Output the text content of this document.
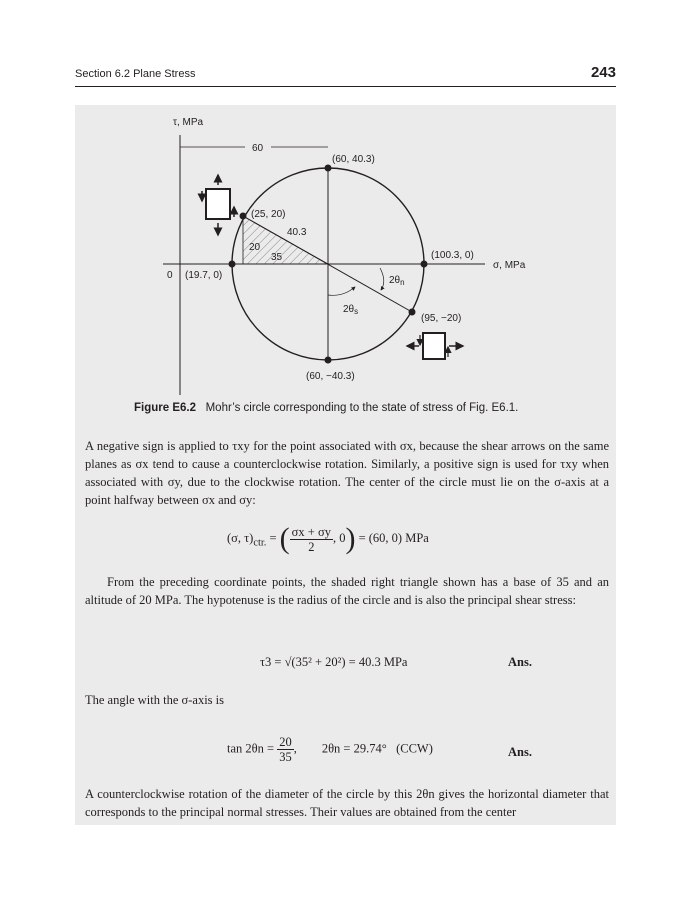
Section 6.2 Plane Stress	243
τ, MPa
σ, MPa
0
60
(60, 40.3)
(60, −40.3)
(19.7, 0)
(100.3, 0)
(25, 20)
(95, −20)
40.3
20
35
$2\theta_n$
$2\theta_s$
Figure E6.2 Mohr’s circle corresponding to the state of stress of Fig. E6.1.
A negative sign is applied to τxy for the point associated with σx, because the shear arrows on the same planes as σx tend to cause a counterclockwise rotation. Similarly, a positive sign is used for τxy when associated with σy, due to the clockwise rotation. The center of the circle must lie on the σ-axis at a point halfway between σx and σy:
(σ, $\tau)_{ctr.}$ = ( $\frac{\sigma x + \sigma y}{2}$ , 0) = (60, 0) MPa
From the preceding coordinate points, the shaded right triangle shown has a base of 35 and an altitude of 20 MPa. The hypotenuse is the radius of the circle and is also the principal shear stress:
τ3 = √(35² + 20²) = 40.3 MPa	Ans.
The angle with the σ-axis is
$\tan 2\theta n = \frac{20}{35}$ ,        2θn = 29.74°   (CCW)	Ans.
A counterclockwise rotation of the diameter of the circle by this 2θn gives the horizontal diameter that corresponds to the principal normal stresses. Their values are obtained from the center
